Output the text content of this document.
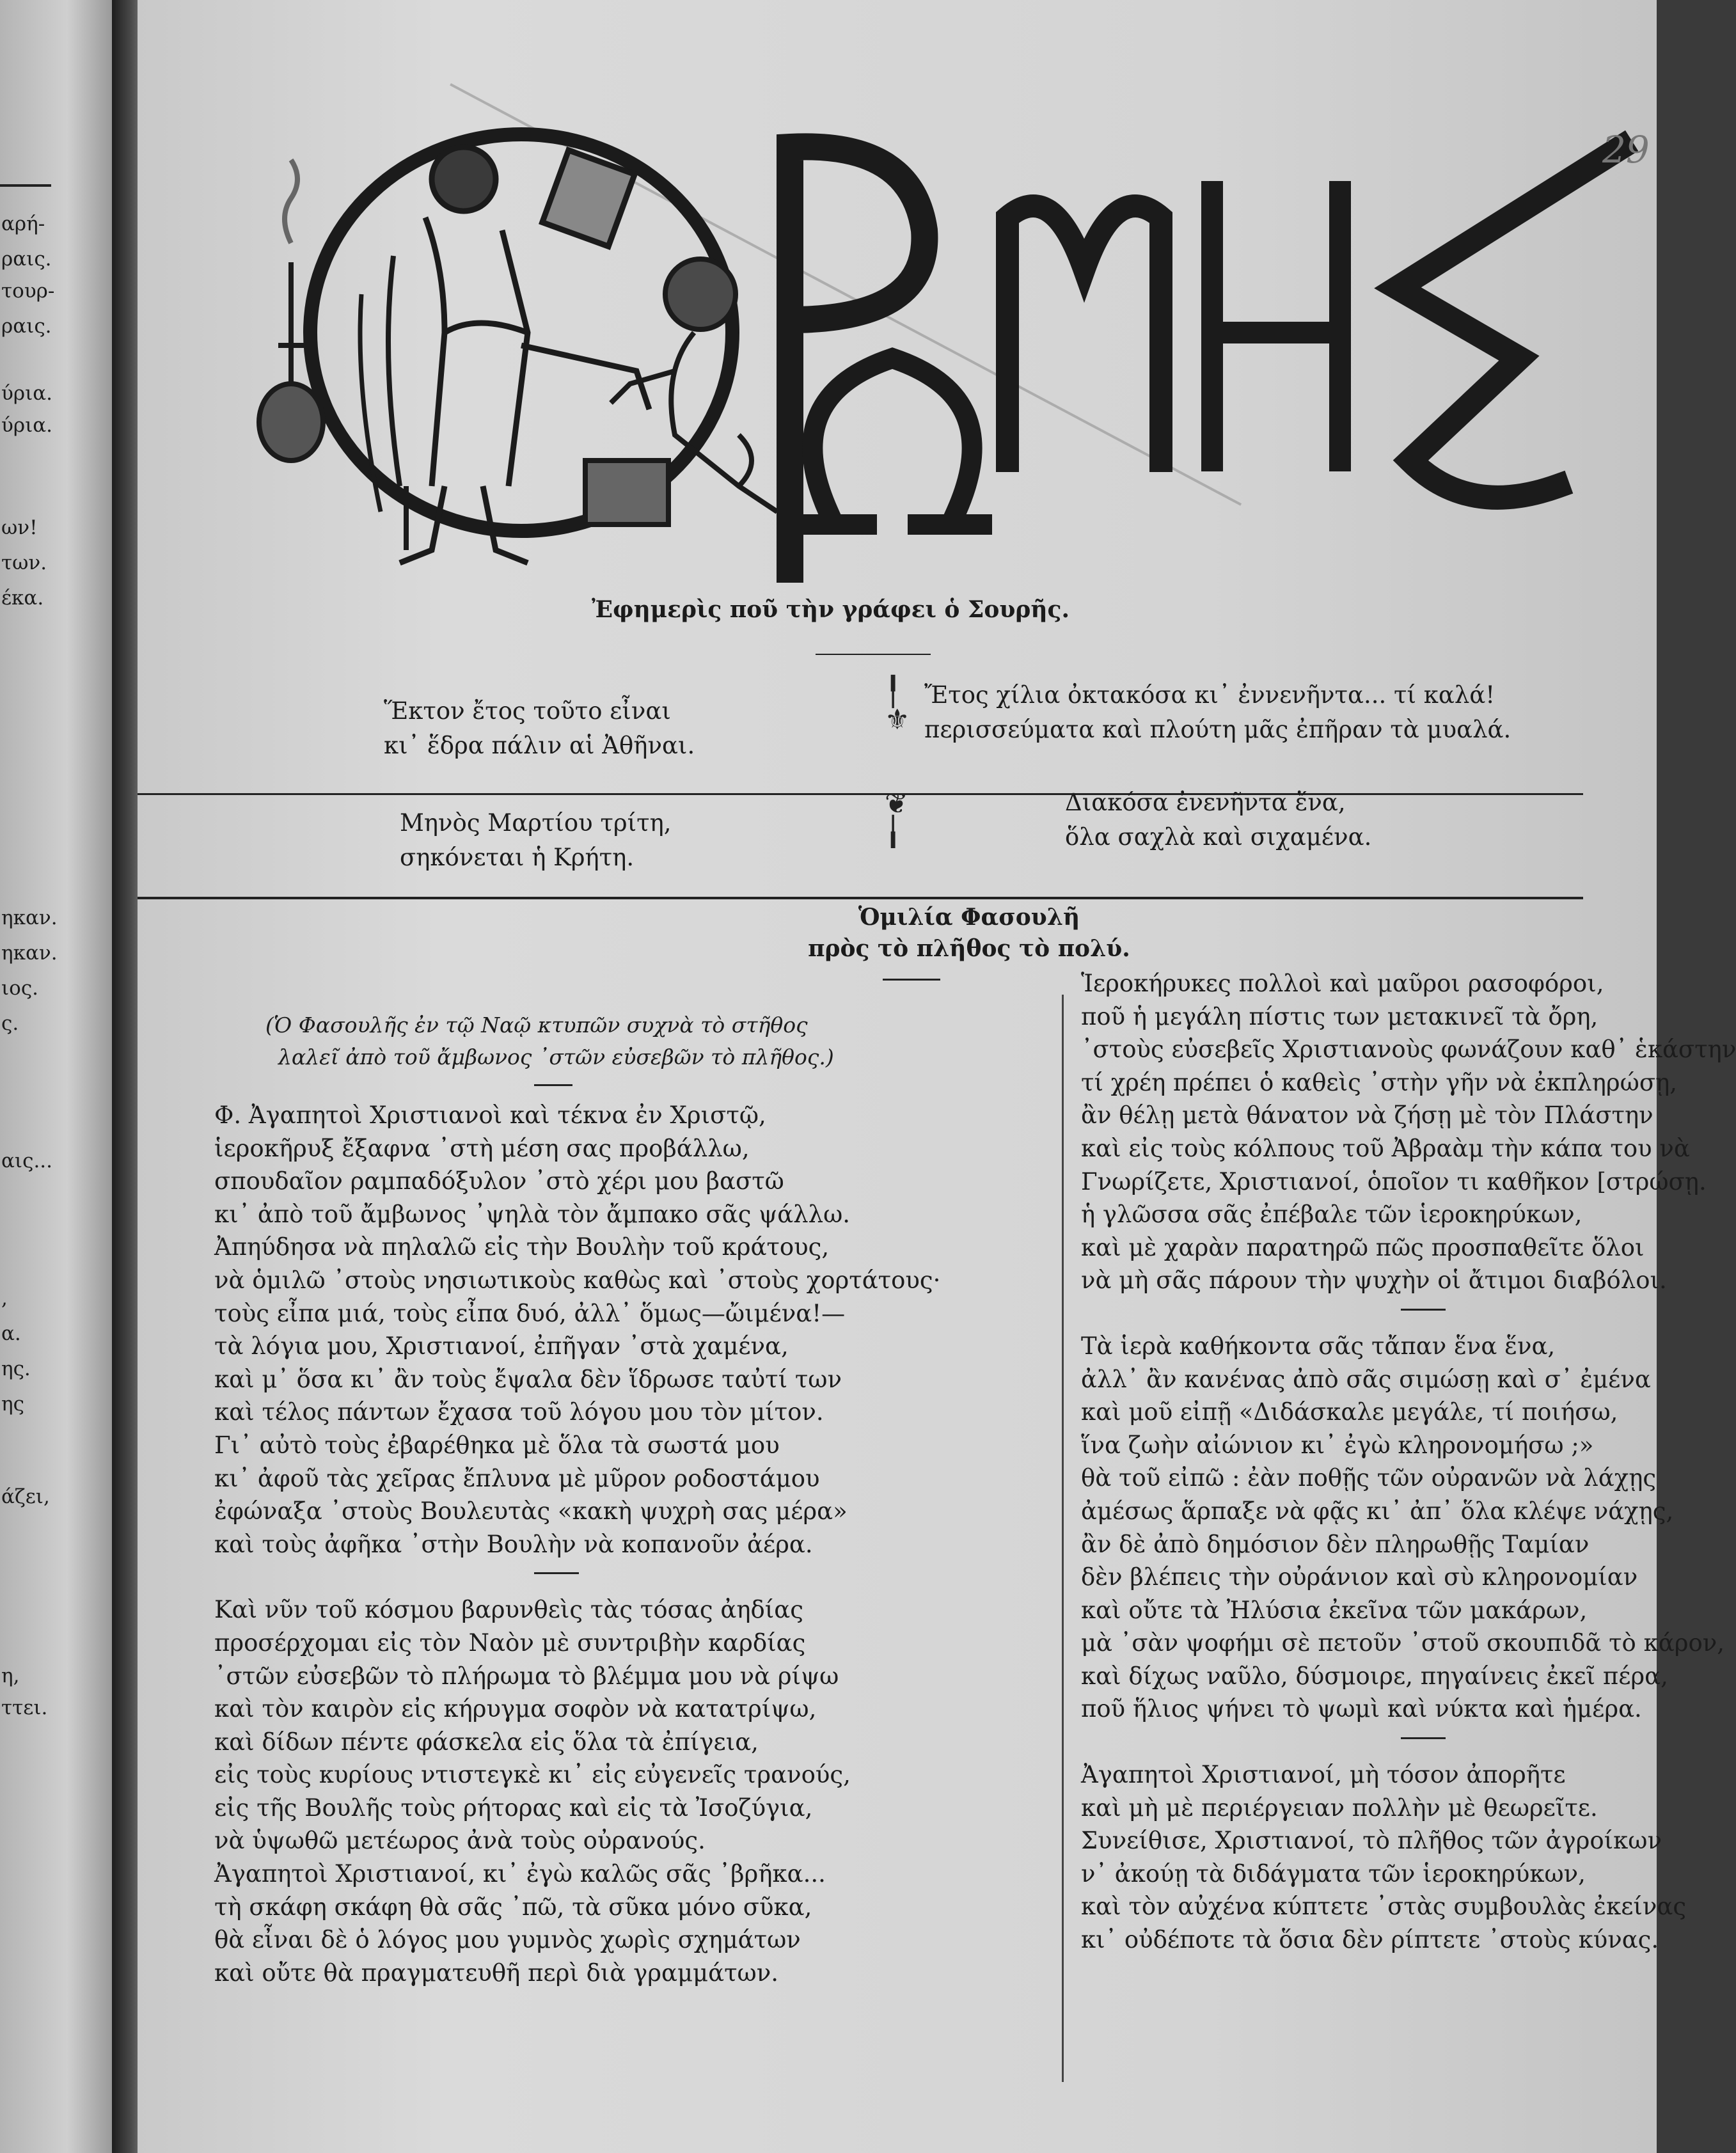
αρή-
ραις.
τουρ-
ραις.
ύρια.
ύρια.
ων!
των.
έκα.
ηκαν.
ηκαν.
ιος.
ς.
αις...
,
α.
ης.
ης
άζει,
η,
ττει.
ΡΩΜΗΟΣ
29
Ἐφημερὶς ποῦ τὴν γράφει ὁ Σουρῆς.
Ἕκτον ἔτος τοῦτο εἶναι
κι᾽ ἕδρα πάλιν αἱ Ἀθῆναι.
╿
⚜
Ἔτος χίλια ὀκτακόσα κι᾽ ἐννενῆντα... τί καλά!
περισσεύματα καὶ πλούτη μᾶς ἐπῆραν τὰ μυαλά.
Μηνὸς Μαρτίου τρίτη,
σηκόνεται ἡ Κρήτη.
❦
╽
Διακόσα ἐνενῆντα ἕνα,
ὅλα σαχλὰ καὶ σιχαμένα.
Ὁμιλία Φασουλῆ
πρὸς τὸ πλῆθος τὸ πολύ.
(Ὁ Φασουλῆς ἐν τῷ Ναῷ κτυπῶν συχνὰ τὸ στῆθος
λαλεῖ ἀπὸ τοῦ ἄμβωνος ᾽στῶν εὐσεβῶν τὸ πλῆθος.)

Φ. Ἀγαπητοὶ Χριστιανοὶ καὶ τέκνα ἐν Χριστῷ,

ἱεροκῆρυξ ἔξαφνα ᾽στὴ μέση σας προβάλλω,

σπουδαῖον ραμπαδόξυλον ᾽στὸ χέρι μου βαστῶ

κι᾽ ἀπὸ τοῦ ἄμβωνος ᾽ψηλὰ τὸν ἄμπακο σᾶς ψάλλω.

Ἀπηύδησα νὰ πηλαλῶ εἰς τὴν Βουλὴν τοῦ κράτους,

νὰ ὁμιλῶ ᾽στοὺς νησιωτικοὺς καθὼς καὶ ᾽στοὺς χορτάτους·

τοὺς εἶπα μιά, τοὺς εἶπα δυό, ἀλλ᾽ ὅμως—ὤιμένα!—

τὰ λόγια μου, Χριστιανοί, ἐπῆγαν ᾽στὰ χαμένα,

καὶ μ᾽ ὅσα κι᾽ ἂν τοὺς ἔψαλα δὲν ἵδρωσε ταὐτί των

καὶ τέλος πάντων ἔχασα τοῦ λόγου μου τὸν μίτον.

Γι᾽ αὐτὸ τοὺς ἐβαρέθηκα μὲ ὅλα τὰ σωστά μου

κι᾽ ἀφοῦ τὰς χεῖρας ἔπλυνα μὲ μῦρον ροδοστάμου

ἐφώναξα ᾽στοὺς Βουλευτὰς «κακὴ ψυχρὴ σας μέρα»

καὶ τοὺς ἀφῆκα ᾽στὴν Βουλὴν νὰ κοπανοῦν ἀέρα.

Καὶ νῦν τοῦ κόσμου βαρυνθεὶς τὰς τόσας ἀηδίας

προσέρχομαι εἰς τὸν Ναὸν μὲ συντριβὴν καρδίας

᾽στῶν εὐσεβῶν τὸ πλήρωμα τὸ βλέμμα μου νὰ ρίψω

καὶ τὸν καιρὸν εἰς κήρυγμα σοφὸν νὰ κατατρίψω,

καὶ δίδων πέντε φάσκελα εἰς ὅλα τὰ ἐπίγεια,

εἰς τοὺς κυρίους ντιστεγκὲ κι᾽ εἰς εὐγενεῖς τρανούς,

εἰς τῆς Βουλῆς τοὺς ρήτορας καὶ εἰς τὰ Ἰσοζύγια,

νὰ ὑψωθῶ μετέωρος ἀνὰ τοὺς οὐρανούς.

Ἀγαπητοὶ Χριστιανοί, κι᾽ ἐγὼ καλῶς σᾶς ᾽βρῆκα...

τὴ σκάφη σκάφη θὰ σᾶς ᾽πῶ, τὰ σῦκα μόνο σῦκα,

θὰ εἶναι δὲ ὁ λόγος μου γυμνὸς χωρὶς σχημάτων

καὶ οὔτε θὰ πραγματευθῆ περὶ διὰ γραμμάτων.

Ἱεροκήρυκες πολλοὶ καὶ μαῦροι ρασοφόροι,

ποῦ ἡ μεγάλη πίστις των μετακινεῖ τὰ ὄρη,

᾽στοὺς εὐσεβεῖς Χριστιανοὺς φωνάζουν καθ᾽ ἑκάστην

τί χρέη πρέπει ὁ καθεὶς ᾽στὴν γῆν νὰ ἐκπληρώσῃ,

ἂν θέλῃ μετὰ θάνατον νὰ ζήσῃ μὲ τὸν Πλάστην

καὶ εἰς τοὺς κόλπους τοῦ Ἀβραὰμ τὴν κάπα του νὰ

Γνωρίζετε, Χριστιανοί, ὁποῖον τι καθῆκον [στρώσῃ.

ἡ γλῶσσα σᾶς ἐπέβαλε τῶν ἱεροκηρύκων,

καὶ μὲ χαρὰν παρατηρῶ πῶς προσπαθεῖτε ὅλοι

νὰ μὴ σᾶς πάρουν τὴν ψυχὴν οἱ ἄτιμοι διαβόλοι.

Τὰ ἱερὰ καθήκοντα σᾶς τἄπαν ἕνα ἕνα,

ἀλλ᾽ ἂν κανένας ἀπὸ σᾶς σιμώσῃ καὶ σ᾽ ἐμένα

καὶ μοῦ εἰπῇ «Διδάσκαλε μεγάλε, τί ποιήσω,

ἵνα ζωὴν αἰώνιον κι᾽ ἐγὼ κληρονομήσω ;»

θὰ τοῦ εἰπῶ : ἐὰν ποθῇς τῶν οὐρανῶν νὰ λάχῃς

ἀμέσως ἅρπαξε νὰ φᾷς κι᾽ ἀπ᾽ ὅλα κλέψε νάχῃς,

ἂν δὲ ἀπὸ δημόσιον δὲν πληρωθῇς Ταμίαν

δὲν βλέπεις τὴν οὐράνιον καὶ σὺ κληρονομίαν

καὶ οὔτε τὰ Ἠλύσια ἐκεῖνα τῶν μακάρων,

μὰ ᾽σὰν ψοφήμι σὲ πετοῦν ᾽στοῦ σκουπιδᾶ τὸ κάρον,

καὶ δίχως ναῦλο, δύσμοιρε, πηγαίνεις ἐκεῖ πέρα,

ποῦ ἥλιος ψήνει τὸ ψωμὶ καὶ νύκτα καὶ ἡμέρα.

Ἀγαπητοὶ Χριστιανοί, μὴ τόσον ἀπορῆτε

καὶ μὴ μὲ περιέργειαν πολλὴν μὲ θεωρεῖτε.

Συνείθισε, Χριστιανοί, τὸ πλῆθος τῶν ἀγροίκων

ν᾽ ἀκούῃ τὰ διδάγματα τῶν ἱεροκηρύκων,

καὶ τὸν αὐχένα κύπτετε ᾽στὰς συμβουλὰς ἐκείνας

κι᾽ οὐδέποτε τὰ ὅσια δὲν ρίπτετε ᾽στοὺς κύνας.
